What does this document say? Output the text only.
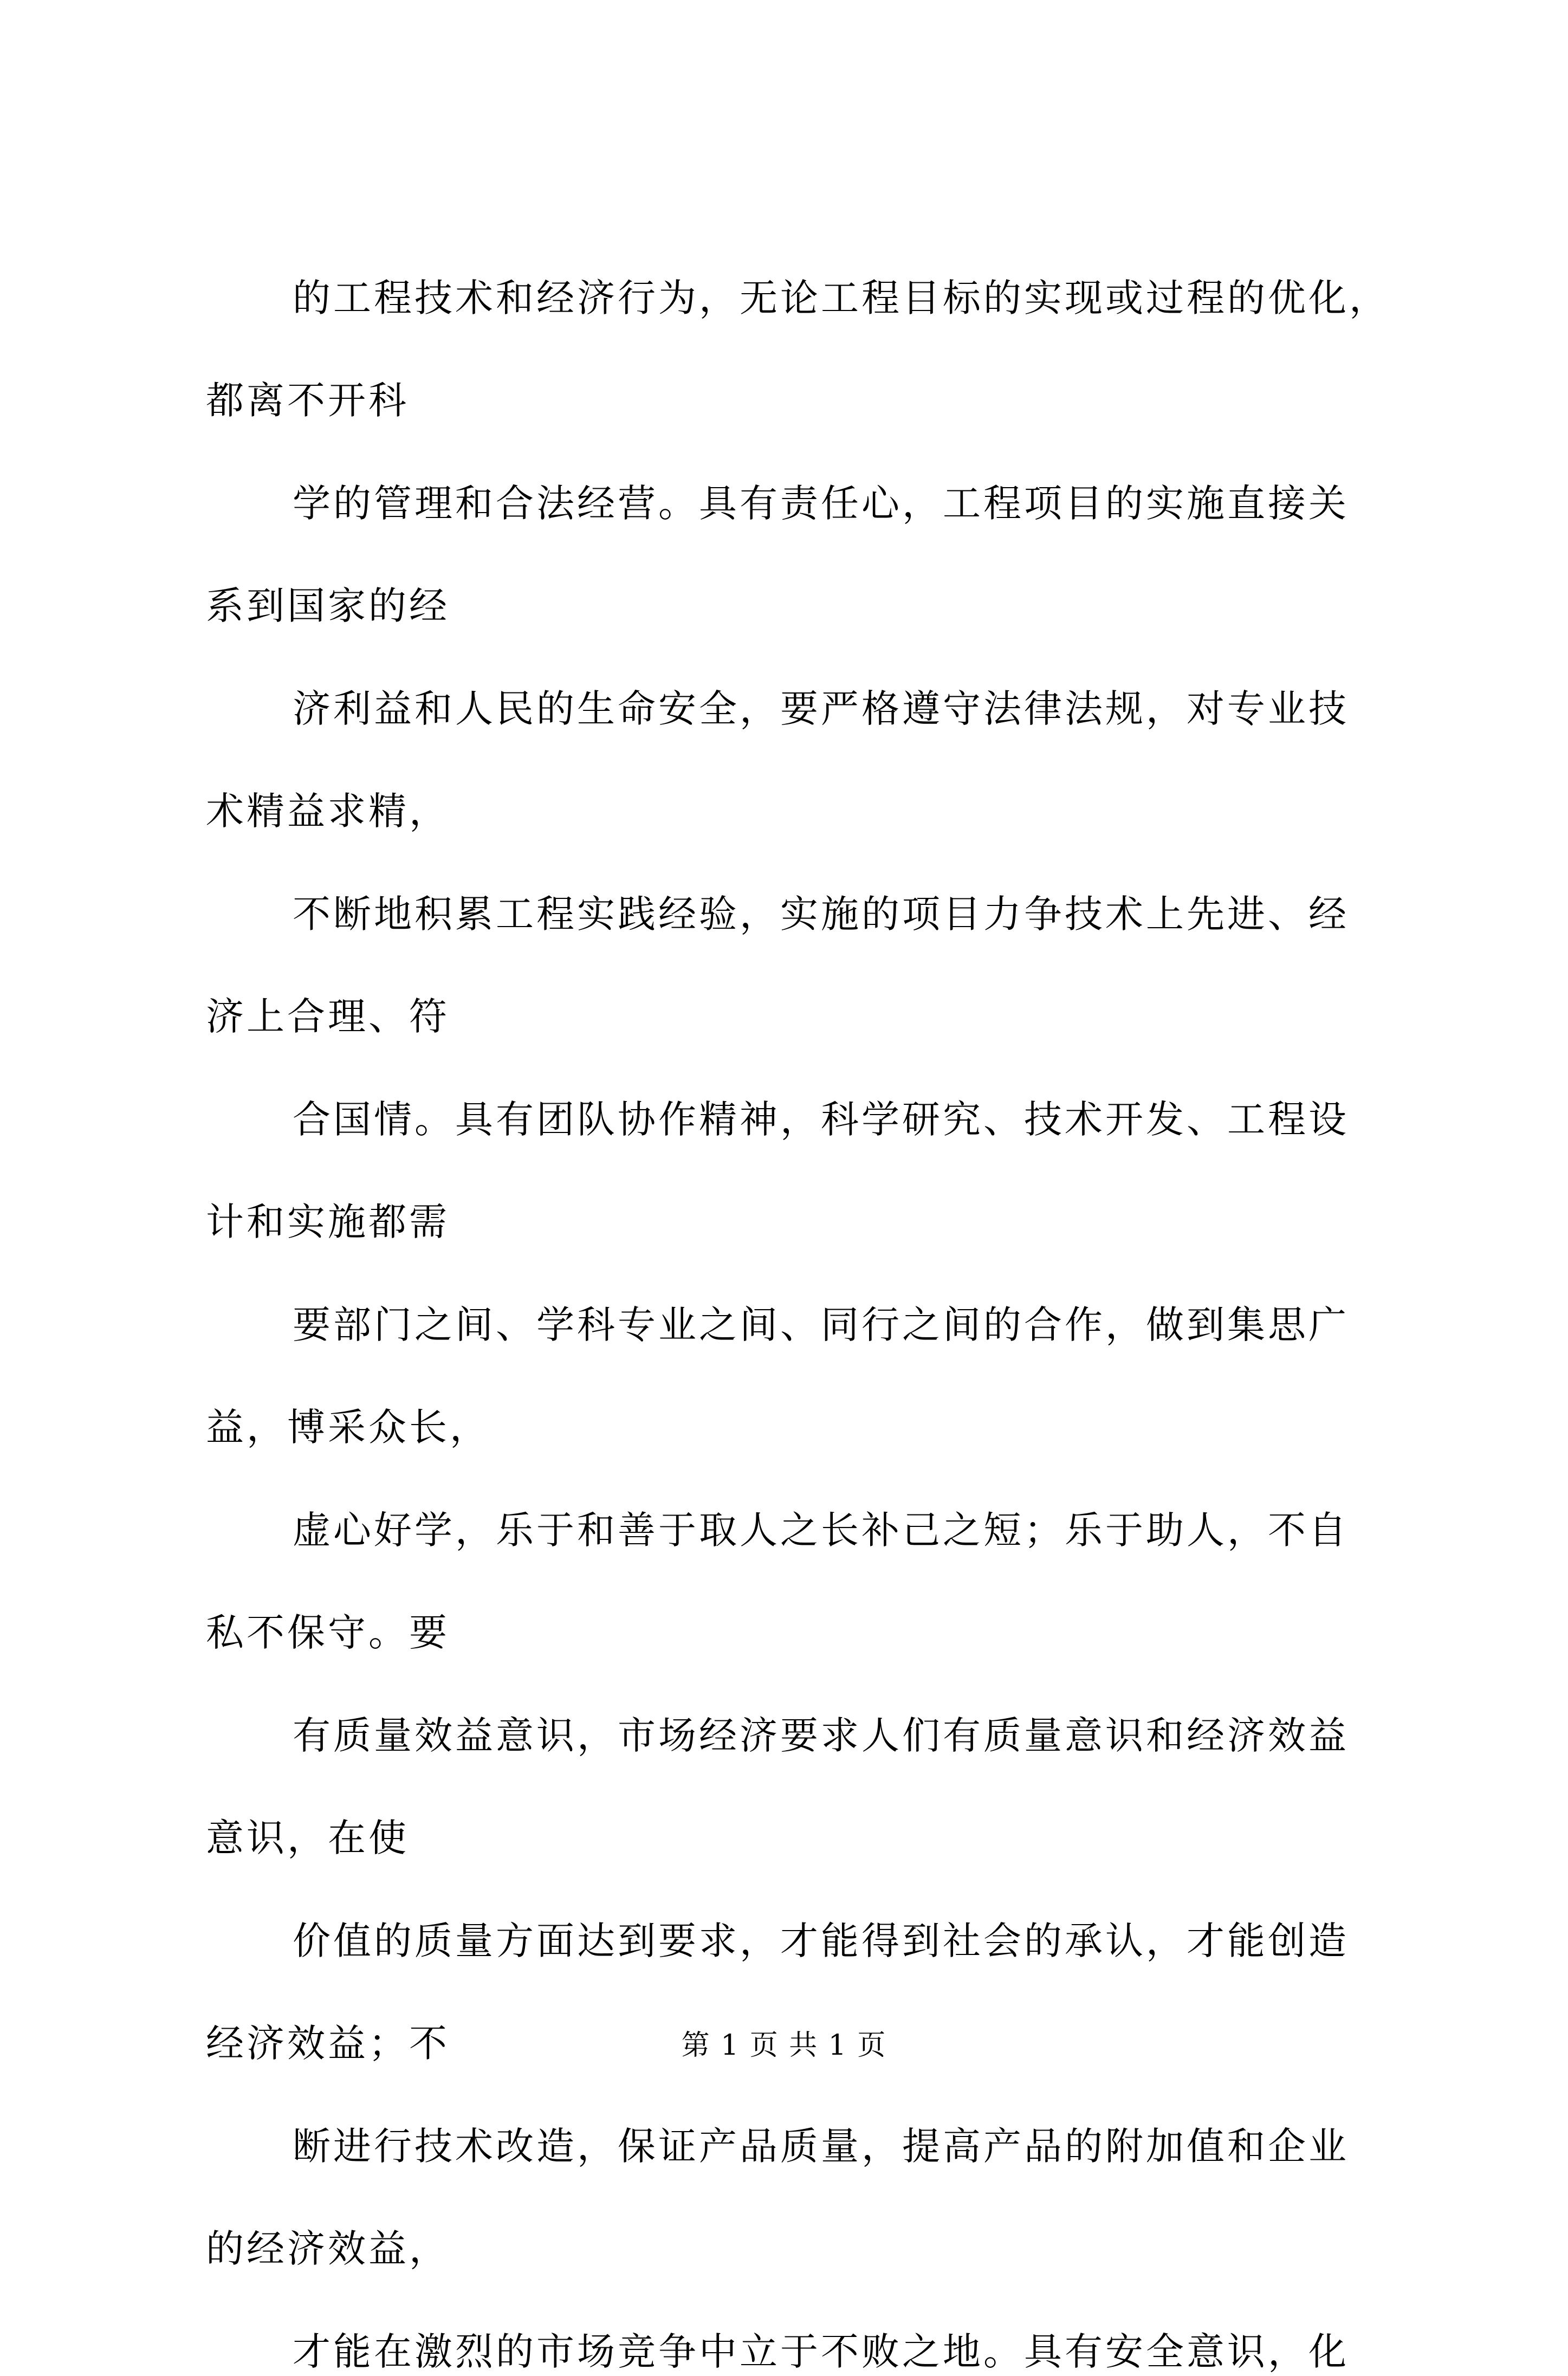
的工程技术和经济行为，无论工程目标的实现或过程的优化，
都离不开科

学的管理和合法经营。具有责任心，工程项目的实施直接关
系到国家的经

济利益和人民的生命安全，要严格遵守法律法规，对专业技
术精益求精，

不断地积累工程实践经验，实施的项目力争技术上先进、经
济上合理、符

合国情。具有团队协作精神，科学研究、技术开发、工程设
计和实施都需

要部门之间、学科专业之间、同行之间的合作，做到集思广
益，博采众长，

虚心好学，乐于和善于取人之长补己之短；乐于助人，不自
私不保守。要

有质量效益意识，市场经济要求人们有质量意识和经济效益
意识，在使

价值的质量方面达到要求，才能得到社会的承认，才能创造
经济效益；不

断进行技术改造，保证产品质量，提高产品的附加值和企业
的经济效益，

才能在激烈的市场竞争中立于不败之地。具有安全意识，化

第 1 页 共 1 页
